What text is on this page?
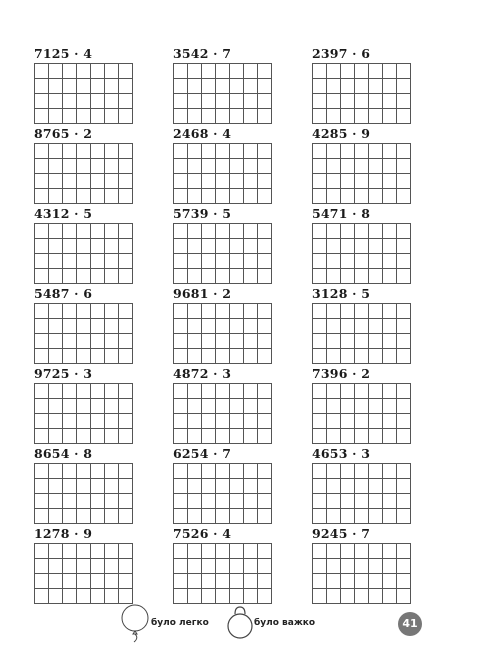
7125 · 4	3542 · 7	2397 · 6
8765 · 2	2468 · 4	4285 · 9
4312 · 5	5739 · 5	5471 · 8
5487 · 6	9681 · 2	3128 · 5
9725 · 3	4872 · 3	7396 · 2
8654 · 8	6254 · 7	4653 · 3
1278 · 9	7526 · 4	9245 · 7
було легко	було важко	41
